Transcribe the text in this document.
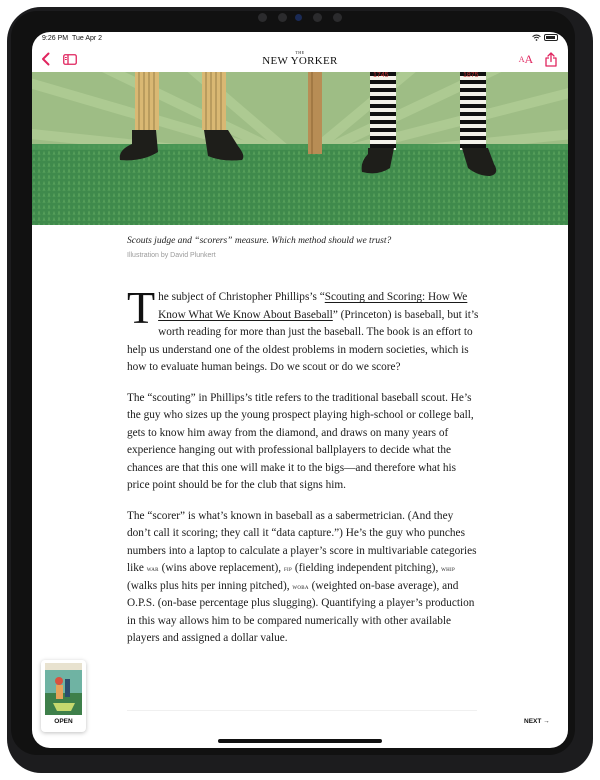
9:26 PM Tue Apr 2
THE
NEW YORKER	A A
1745	1875
Scouts judge and “scorers” measure. Which method should we trust?
Illustration by David Plunkert

The subject of Christopher Phillips’s “Scouting and Scoring: How We Know What We Know About Baseball” (Princeton) is baseball, but it’s worth reading for more than just the baseball. The book is an effort to help us understand one of the oldest problems in modern societies, which is how to evaluate human beings. Do we scout or do we score?

The “scouting” in Phillips’s title refers to the traditional baseball scout. He’s the guy who sizes up the young prospect playing high-school or college ball, gets to know him away from the diamond, and draws on many years of experience hanging out with professional ballplayers to decide what the chances are that this one will make it to the bigs—and therefore what his price point should be for the club that signs him.

The “scorer” is what’s known in baseball as a sabermetrician. (And they don’t call it scoring; they call it “data capture.”) He’s the guy who punches numbers into a laptop to calculate a player’s score in multivariable categories like war (wins above replacement), fip (fielding independent pitching), whip (walks plus hits per inning pitched), woba (weighted on-base average), and O.P.S. (on-base percentage plus slugging). Quantifying a player’s production in this way allows him to be compared numerically with other available players and assigned a dollar value.

OPEN	NEXT →
